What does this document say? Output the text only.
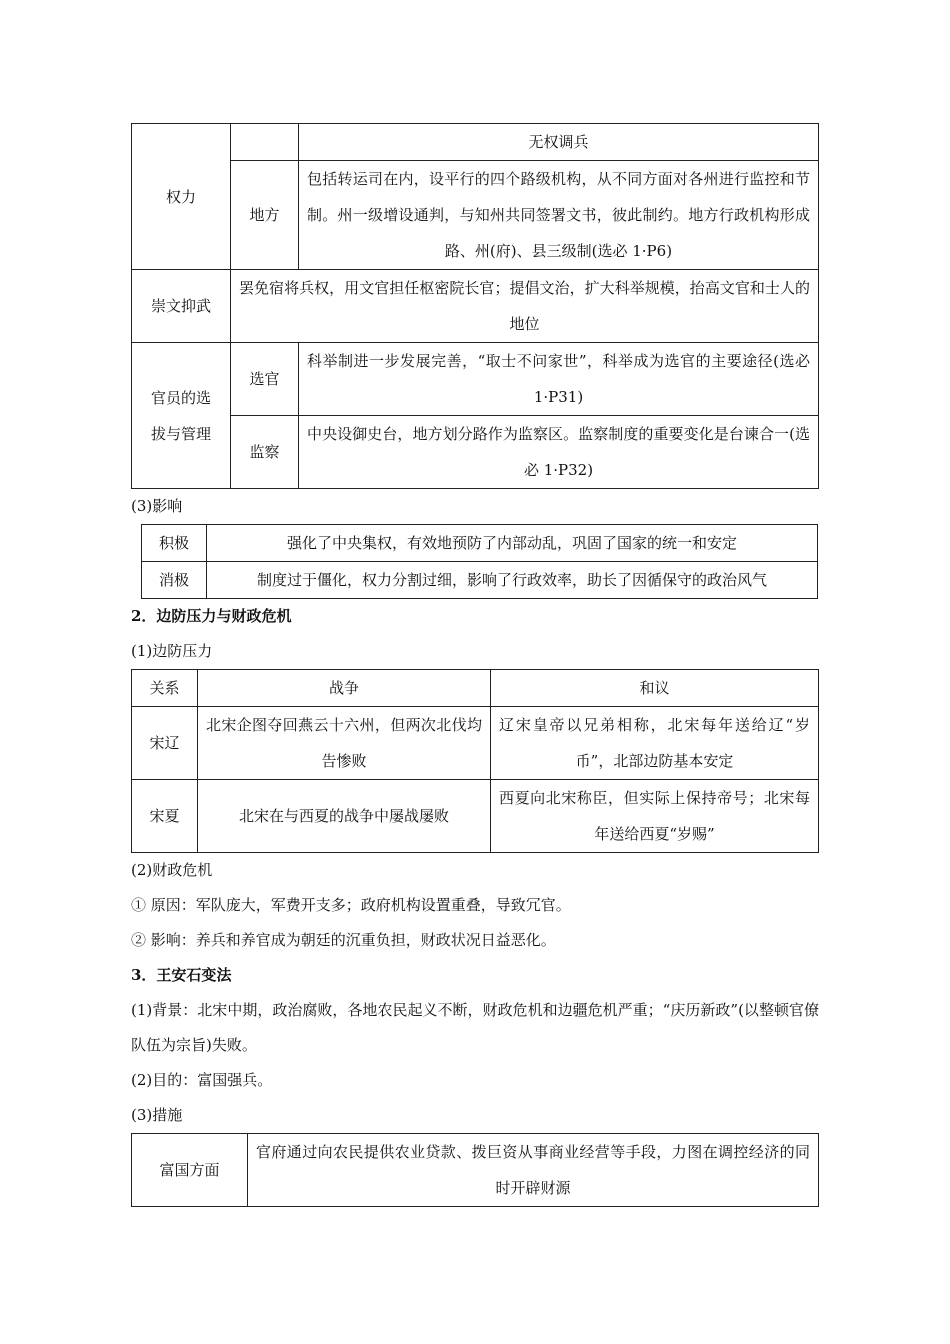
权力		无权调兵
	地方	包括转运司在内，设平行的四个路级机构，从不同方面对各州进行监控和节制。州一级增设通判，与知州共同签署文书，彼此制约。地方行政机构形成路、州(府)、县三级制(选必 1·P6)
崇文抑武	罢免宿将兵权，用文官担任枢密院长官；提倡文治，扩大科举规模，抬高文官和士人的地位	
官员的选拔与管理	选官	科举制进一步发展完善，“取士不问家世”，科举成为选官的主要途径(选必 1·P31)
	监察	中央设御史台，地方划分路作为监察区。监察制度的重要变化是台谏合一(选必 1·P32)

(3)影响

积极	强化了中央集权，有效地预防了内部动乱，巩固了国家的统一和安定
消极	制度过于僵化，权力分割过细，影响了行政效率，助长了因循保守的政治风气

2．边防压力与财政危机

(1)边防压力

关系	战争	和议
宋辽	北宋企图夺回燕云十六州，但两次北伐均告惨败	辽宋皇帝以兄弟相称，北宋每年送给辽“岁币”，北部边防基本安定
宋夏	北宋在与西夏的战争中屡战屡败	西夏向北宋称臣，但实际上保持帝号；北宋每年送给西夏“岁赐”

(2)财政危机

① 原因：军队庞大，军费开支多；政府机构设置重叠，导致冗官。

② 影响：养兵和养官成为朝廷的沉重负担，财政状况日益恶化。

3．王安石变法

(1)背景：北宋中期，政治腐败，各地农民起义不断，财政危机和边疆危机严重；“庆历新政”(以整顿官僚队伍为宗旨)失败。

(2)目的：富国强兵。

(3)措施

富国方面	官府通过向农民提供农业贷款、拨巨资从事商业经营等手段，力图在调控经济的同时开辟财源
